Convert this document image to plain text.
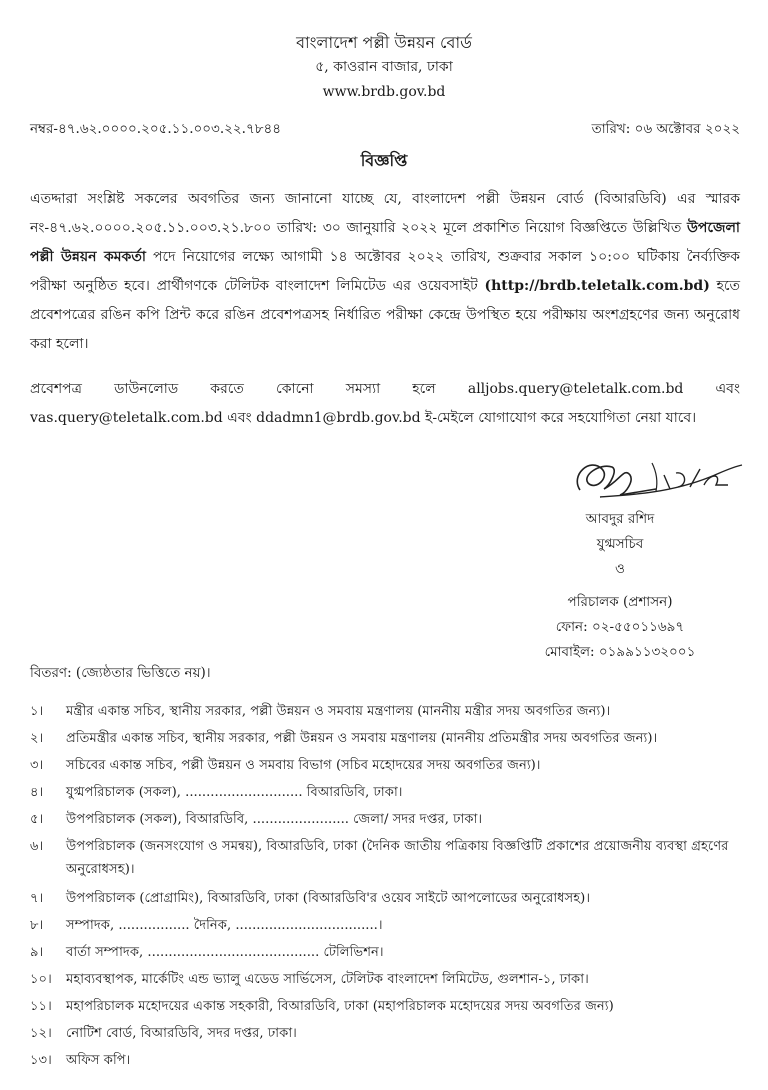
বাংলাদেশ পল্লী উন্নয়ন বোর্ড
৫, কাওরান বাজার, ঢাকা
www.brdb.gov.bd
নম্বর-৪৭.৬২.০০০০.২০৫.১১.০০৩.২২.৭৮৪৪	তারিখ: ০৬ অক্টোবর ২০২২
বিজ্ঞপ্তি
এতদ্দারা সংশ্লিষ্ট সকলের অবগতির জন্য জানানো যাচ্ছে যে, বাংলাদেশ পল্লী উন্নয়ন বোর্ড (বিআরডিবি) এর স্মারক নং-৪৭.৬২.০০০০.২০৫.১১.০০৩.২১.৮০০ তারিখ: ৩০ জানুয়ারি ২০২২ মূলে প্রকাশিত নিয়োগ বিজ্ঞপ্তিতে উল্লিখিত উপজেলা পল্লী উন্নয়ন কমকর্তা পদে নিয়োগের লক্ষ্যে আগামী ১৪ অক্টোবর ২০২২ তারিখ, শুক্রবার সকাল ১০:০০ ঘটিকায় নৈর্ব্যক্তিক পরীক্ষা অনুষ্ঠিত হবে। প্রার্থীগণকে টেলিটক বাংলাদেশ লিমিটেড এর ওয়েবসাইট (http://brdb.teletalk.com.bd) হতে প্রবেশপত্রের রঙিন কপি প্রিন্ট করে রঙিন প্রবেশপত্রসহ নির্ধারিত পরীক্ষা কেন্দ্রে উপস্থিত হয়ে পরীক্ষায় অংশগ্রহণের জন্য অনুরোধ করা হলো।
প্রবেশপত্র ডাউনলোড করতে কোনো সমস্যা হলে alljobs.query@teletalk.com.bd এবং vas.query@teletalk.com.bd এবং ddadmn1@brdb.gov.bd ই-মেইলে যোগাযোগ করে সহযোগিতা নেয়া যাবে।
আবদুর রশিদ
যুগ্মসচিব
ও
পরিচালক (প্রশাসন)
ফোন: ০২-৫৫০১১৬৯৭
মোবাইল: ০১৯৯১১৩২০০১
বিতরণ: (জ্যেষ্ঠতার ভিত্তিতে নয়)।
১। মন্ত্রীর একান্ত সচিব, স্থানীয় সরকার, পল্লী উন্নয়ন ও সমবায় মন্ত্রণালয় (মাননীয় মন্ত্রীর সদয় অবগতির জন্য)।
২। প্রতিমন্ত্রীর একান্ত সচিব, স্থানীয় সরকার, পল্লী উন্নয়ন ও সমবায় মন্ত্রণালয় (মাননীয় প্রতিমন্ত্রীর সদয় অবগতির জন্য)।
৩। সচিবের একান্ত সচিব, পল্লী উন্নয়ন ও সমবায় বিভাগ (সচিব মহোদয়ের সদয় অবগতির জন্য)।
৪। যুগ্মপরিচালক (সকল), ............................ বিআরডিবি, ঢাকা।
৫। উপপরিচালক (সকল), বিআরডিবি, ....................... জেলা/ সদর দপ্তর, ঢাকা।
৬। উপপরিচালক (জনসংযোগ ও সমন্বয়), বিআরডিবি, ঢাকা (দৈনিক জাতীয় পত্রিকায় বিজ্ঞপ্তিটি প্রকাশের প্রয়োজনীয় ব্যবস্থা গ্রহণের অনুরোধসহ)।
৭। উপপরিচালক (প্রোগ্রামিং), বিআরডিবি, ঢাকা (বিআরডিবি'র ওয়েব সাইটে আপলোডের অনুরোধসহ)।
৮। সম্পাদক, ................. দৈনিক, ..................................।
৯। বার্তা সম্পাদক, ......................................... টেলিভিশন।
১০। মহাব্যবস্থাপক, মার্কেটিং এন্ড ভ্যালু এডেড সার্ভিসেস, টেলিটক বাংলাদেশ লিমিটেড, গুলশান-১, ঢাকা।
১১। মহাপরিচালক মহোদয়ের একান্ত সহকারী, বিআরডিবি, ঢাকা (মহাপরিচালক মহোদয়ের সদয় অবগতির জন্য)
১২। নোটিশ বোর্ড, বিআরডিবি, সদর দপ্তর, ঢাকা।
১৩। অফিস কপি।
